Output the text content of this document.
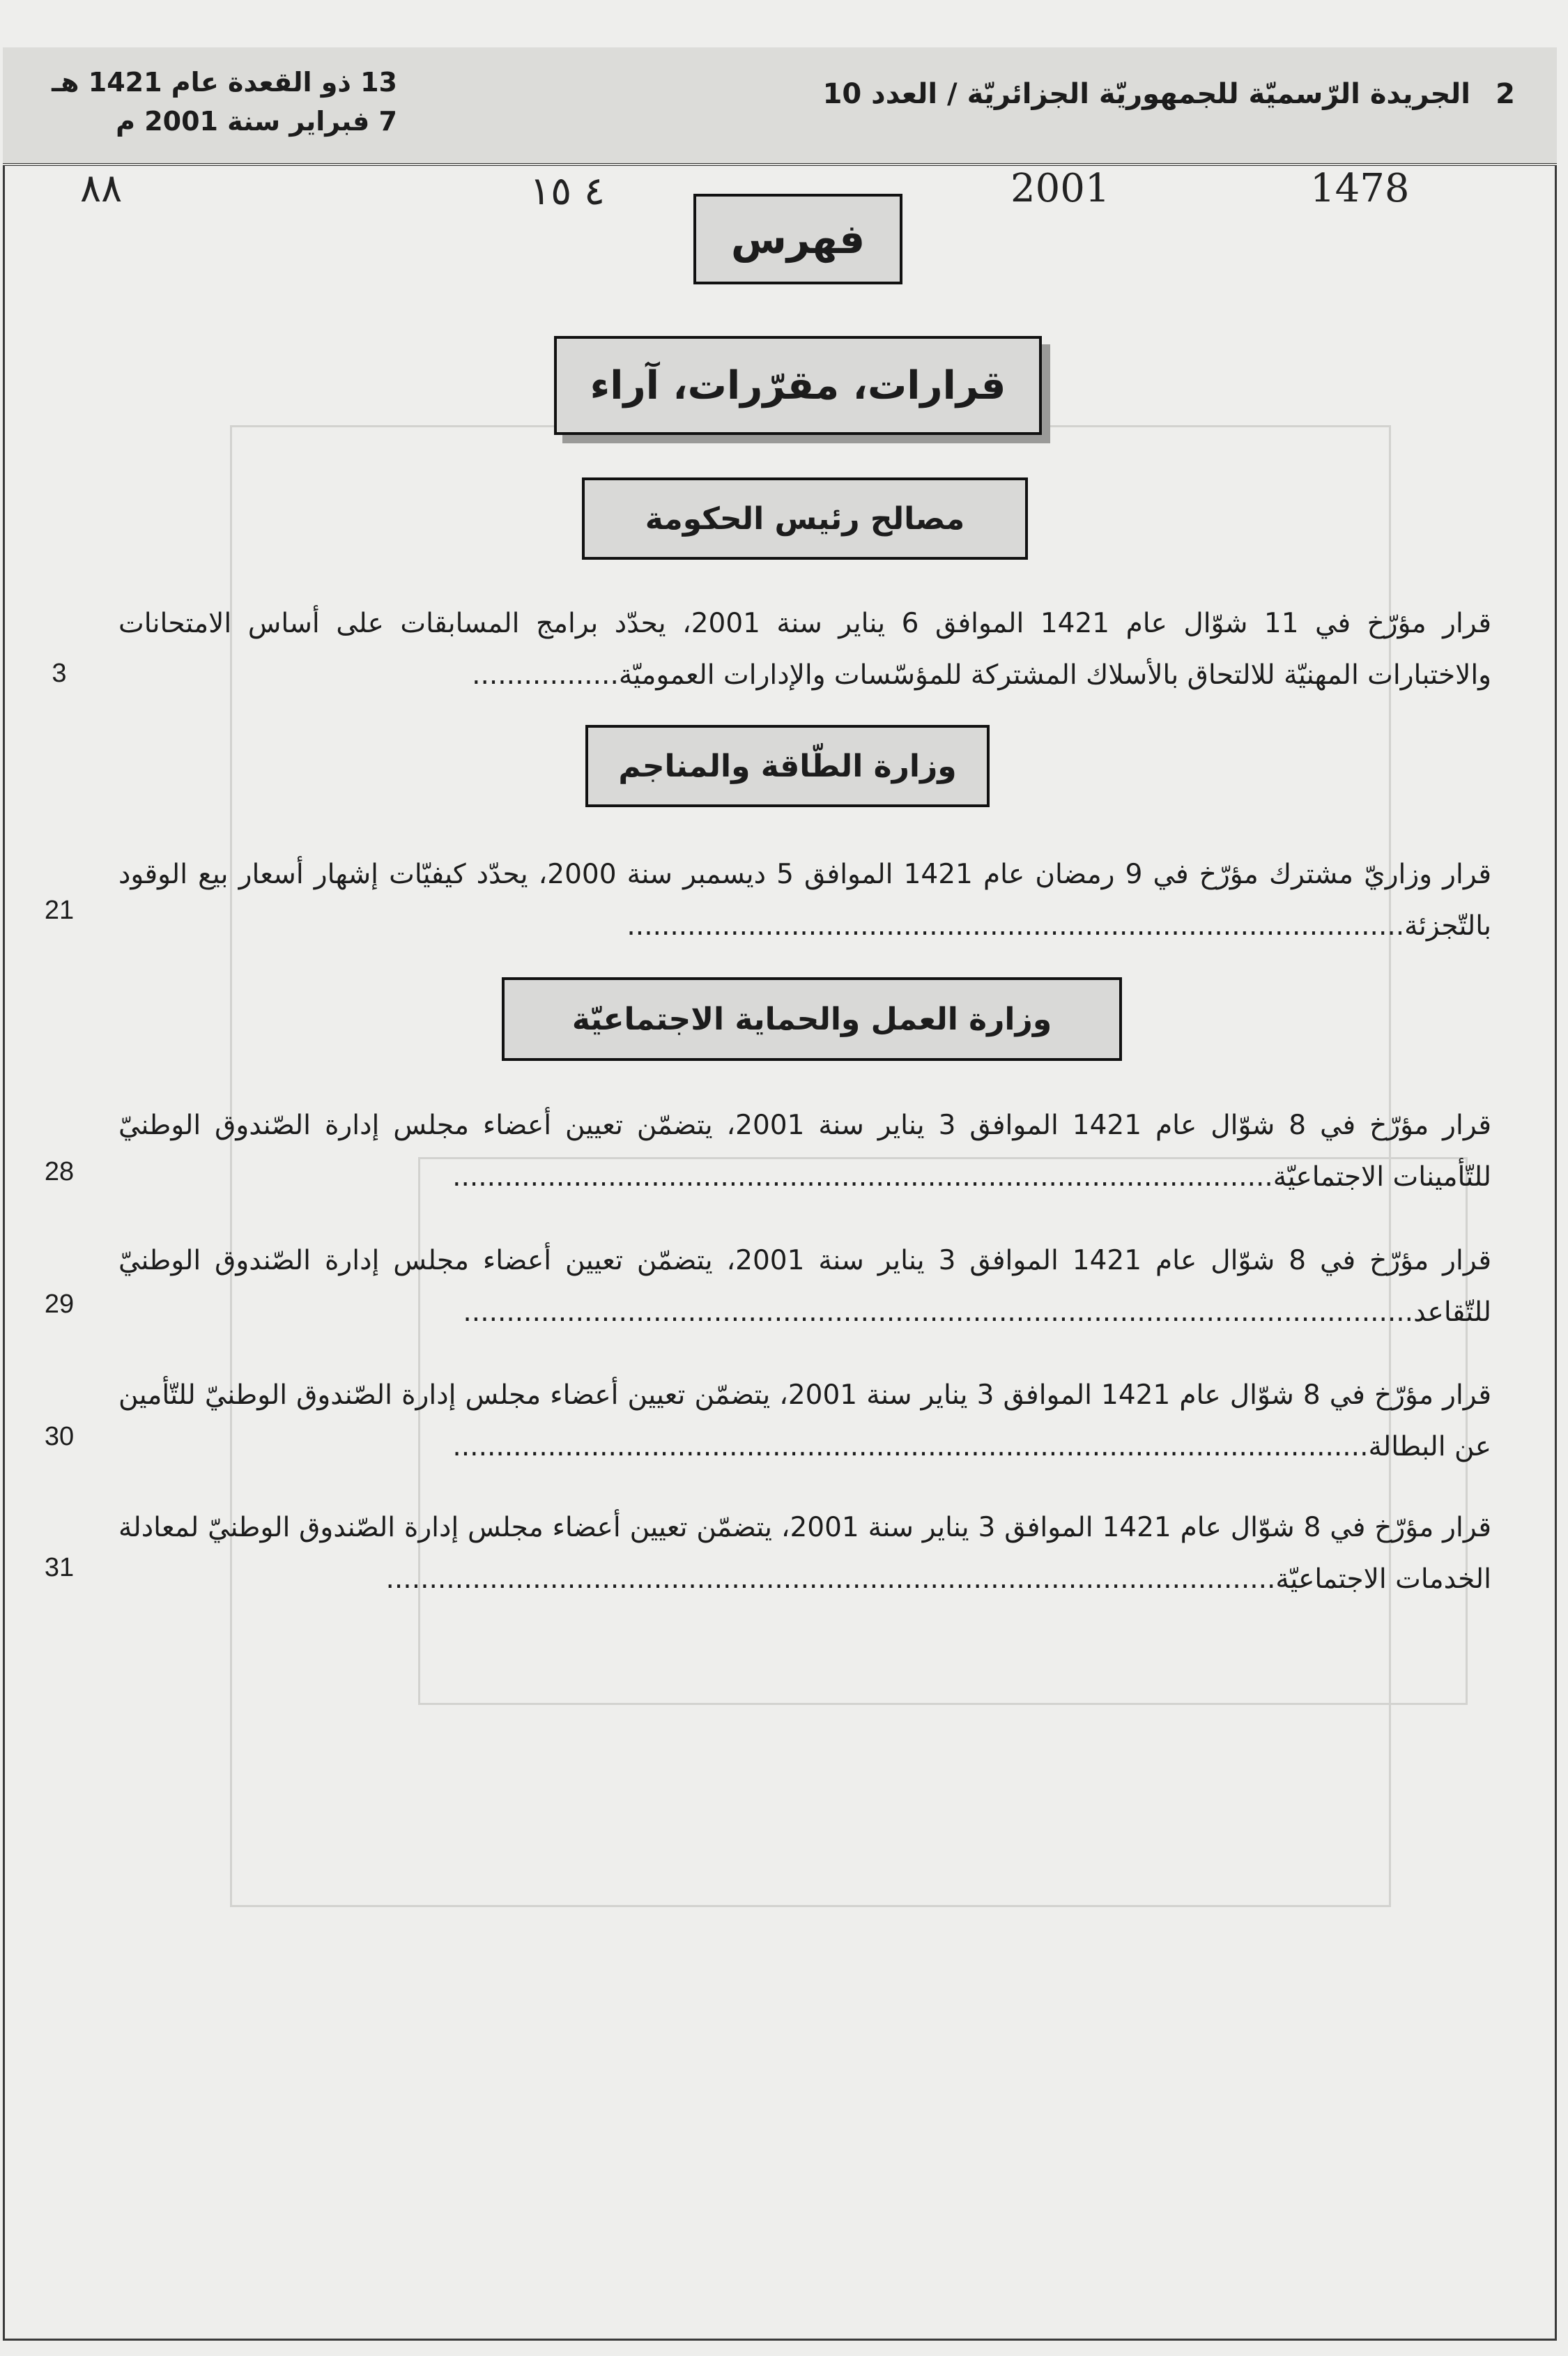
2
الجريدة الرّسميّة للجمهوريّة الجزائريّة / العدد 10
13 ذو القعدة عام 1421 هـ
7 فبراير سنة 2001 م
1478
2001
٤ ١٥
٨٨
فهرس
قرارات، مقرّرات، آراء
مصالح رئيس الحكومة
قرار مؤرّخ في 11 شوّال عام 1421 الموافق 6 يناير سنة 2001، يحدّد برامج المسابقات على أساس الامتحانات والاختبارات المهنيّة للالتحاق بالأسلاك المشتركة للمؤسّسات والإدارات العموميّة.................
3
وزارة الطّاقة والمناجم
قرار وزاريّ مشترك مؤرّخ في 9 رمضان عام 1421 الموافق 5 ديسمبر سنة 2000، يحدّد كيفيّات إشهار أسعار بيع الوقود بالتّجزئة..........................................................................................
21
وزارة العمل والحماية الاجتماعيّة
قرار مؤرّخ في 8 شوّال عام 1421 الموافق 3 يناير سنة 2001، يتضمّن تعيين أعضاء مجلس إدارة الصّندوق الوطنيّ للتّأمينات الاجتماعيّة...............................................................................................
28
قرار مؤرّخ في 8 شوّال عام 1421 الموافق 3 يناير سنة 2001، يتضمّن تعيين أعضاء مجلس إدارة الصّندوق الوطنيّ للتّقاعد..............................................................................................................
29
قرار مؤرّخ في 8 شوّال عام 1421 الموافق 3 يناير سنة 2001، يتضمّن تعيين أعضاء مجلس إدارة الصّندوق الوطنيّ للتّأمين عن البطالة..........................................................................................................
30
قرار مؤرّخ في 8 شوّال عام 1421 الموافق 3 يناير سنة 2001، يتضمّن تعيين أعضاء مجلس إدارة الصّندوق الوطنيّ لمعادلة الخدمات الاجتماعيّة.......................................................................................................
31
